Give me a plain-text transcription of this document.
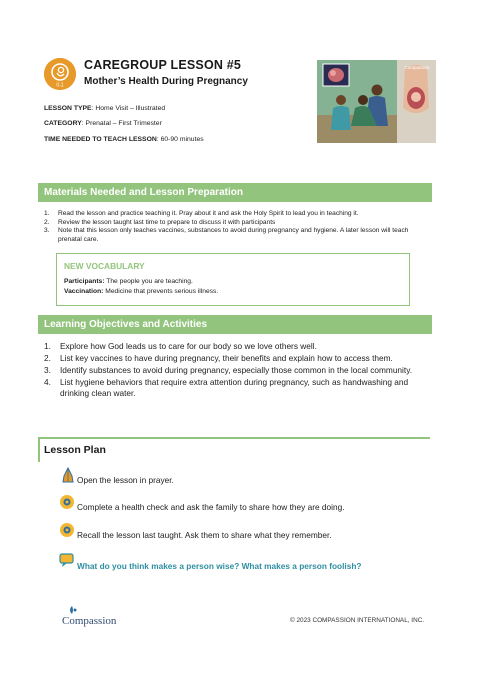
0-1
CAREGROUP LESSON #5
Mother’s Health During Pregnancy
Compassion
LESSON TYPE: Home Visit – Illustrated
CATEGORY: Prenatal – First Trimester
TIME NEEDED TO TEACH LESSON: 60-90 minutes
Materials Needed and Lesson Preparation
1.	Read the lesson and practice teaching it. Pray about it and ask the Holy Spirit to lead you in teaching it.
2.	Review the lesson taught last time to prepare to discuss it with participants
3.	Note that this lesson only teaches vaccines, substances to avoid during pregnancy and hygiene. A later lesson will teach prenatal care.
NEW VOCABULARY
Participants: The people you are teaching.
Vaccination: Medicine that prevents serious illness.
Learning Objectives and Activities
1.	Explore how God leads us to care for our body so we love others well.
2.	List key vaccines to have during pregnancy, their benefits and explain how to access them.
3.	Identify substances to avoid during pregnancy, especially those common in the local community.
4.	List hygiene behaviors that require extra attention during pregnancy, such as handwashing and drinking clean water.
Lesson Plan
Open the lesson in prayer.
Complete a health check and ask the family to share how they are doing.
Recall the lesson last taught. Ask them to share what they remember.
What do you think makes a person wise? What makes a person foolish?
Compassion	© 2023 COMPASSION INTERNATIONAL, INC.
